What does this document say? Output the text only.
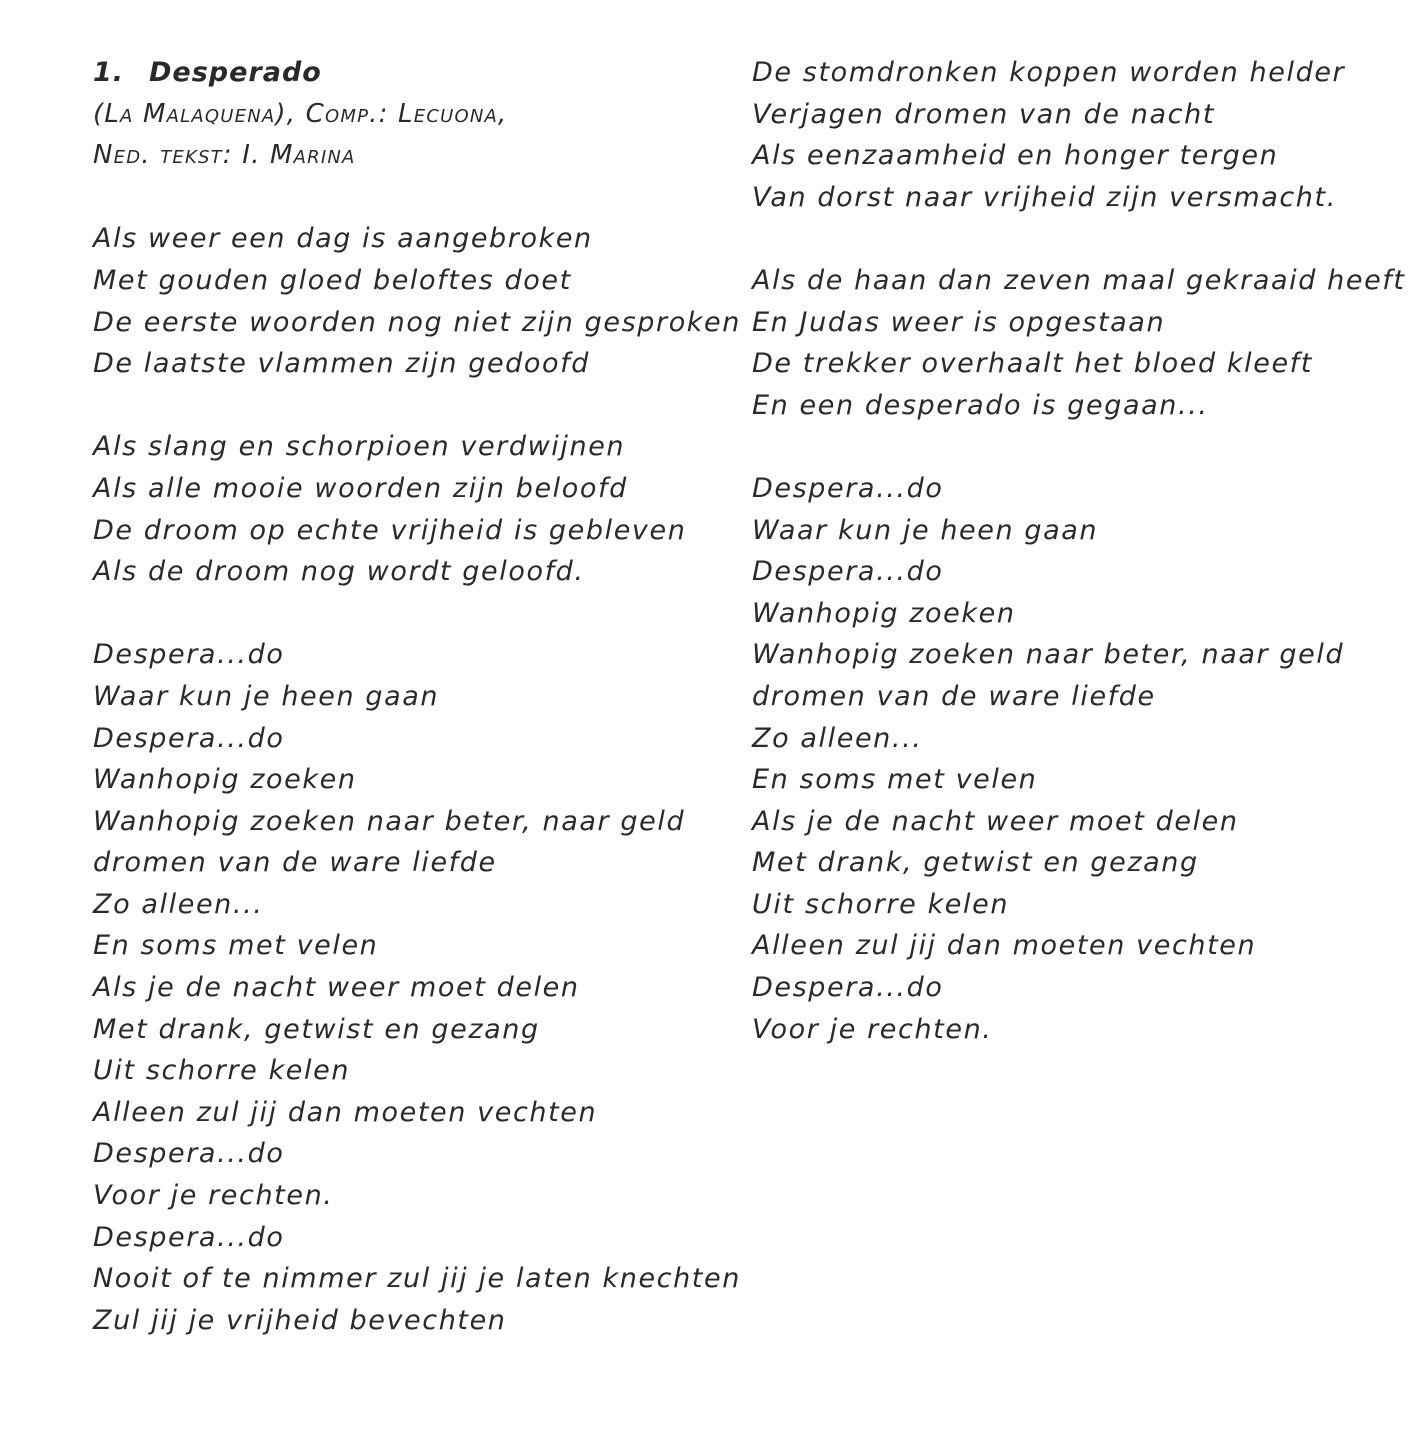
1. Desperado
(La Malaquena), Comp.: Lecuona,
Ned. tekst: I. Marina
Als weer een dag is aangebroken
Met gouden gloed beloftes doet
De eerste woorden nog niet zijn gesproken
De laatste vlammen zijn gedoofd
Als slang en schorpioen verdwijnen
Als alle mooie woorden zijn beloofd
De droom op echte vrijheid is gebleven
Als de droom nog wordt geloofd.
Despera...do
Waar kun je heen gaan
Despera...do
Wanhopig zoeken
Wanhopig zoeken naar beter, naar geld
dromen van de ware liefde
Zo alleen...
En soms met velen
Als je de nacht weer moet delen
Met drank, getwist en gezang
Uit schorre kelen
Alleen zul jij dan moeten vechten
Despera...do
Voor je rechten.
Despera...do
Nooit of te nimmer zul jij je laten knechten
Zul jij je vrijheid bevechten
De stomdronken koppen worden helder
Verjagen dromen van de nacht
Als eenzaamheid en honger tergen
Van dorst naar vrijheid zijn versmacht.
Als de haan dan zeven maal gekraaid heeft
En Judas weer is opgestaan
De trekker overhaalt het bloed kleeft
En een desperado is gegaan...
Despera...do
Waar kun je heen gaan
Despera...do
Wanhopig zoeken
Wanhopig zoeken naar beter, naar geld
dromen van de ware liefde
Zo alleen...
En soms met velen
Als je de nacht weer moet delen
Met drank, getwist en gezang
Uit schorre kelen
Alleen zul jij dan moeten vechten
Despera...do
Voor je rechten.
